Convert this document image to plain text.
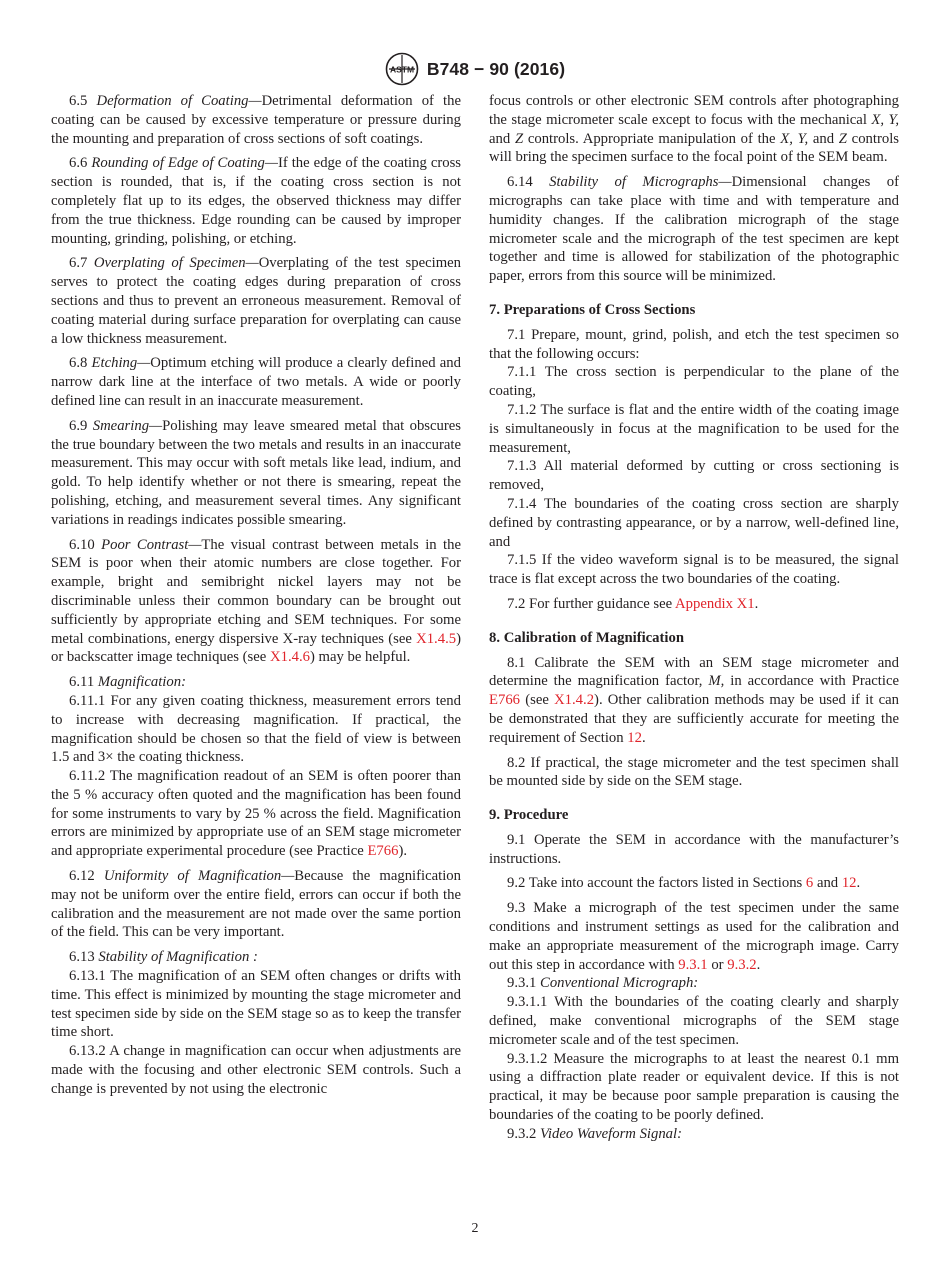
ASTM B748 − 90 (2016)

6.5 Deformation of Coating—Detrimental deformation of the coating can be caused by excessive temperature or pressure during the mounting and preparation of cross sections of soft coatings.

6.6 Rounding of Edge of Coating—If the edge of the coating cross section is rounded, that is, if the coating cross section is not completely flat up to its edges, the observed thickness may differ from the true thickness. Edge rounding can be caused by improper mounting, grinding, polishing, or etching.

6.7 Overplating of Specimen—Overplating of the test specimen serves to protect the coating edges during preparation of cross sections and thus to prevent an erroneous measurement. Removal of coating material during surface preparation for overplating can cause a low thickness measurement.

6.8 Etching—Optimum etching will produce a clearly defined and narrow dark line at the interface of two metals. A wide or poorly defined line can result in an inaccurate measurement.

6.9 Smearing—Polishing may leave smeared metal that obscures the true boundary between the two metals and results in an inaccurate measurement. This may occur with soft metals like lead, indium, and gold. To help identify whether or not there is smearing, repeat the polishing, etching, and measurement several times. Any significant variations in readings indicates possible smearing.

6.10 Poor Contrast—The visual contrast between metals in the SEM is poor when their atomic numbers are close together. For example, bright and semibright nickel layers may not be discriminable unless their common boundary can be brought out sufficiently by appropriate etching and SEM techniques. For some metal combinations, energy dispersive X-ray techniques (see X1.4.5) or backscatter image techniques (see X1.4.6) may be helpful.

6.11 Magnification:

6.11.1 For any given coating thickness, measurement errors tend to increase with decreasing magnification. If practical, the magnification should be chosen so that the field of view is between 1.5 and 3× the coating thickness.

6.11.2 The magnification readout of an SEM is often poorer than the 5 % accuracy often quoted and the magnification has been found for some instruments to vary by 25 % across the field. Magnification errors are minimized by appropriate use of an SEM stage micrometer and appropriate experimental procedure (see Practice E766).

6.12 Uniformity of Magnification—Because the magnification may not be uniform over the entire field, errors can occur if both the calibration and the measurement are not made over the same portion of the field. This can be very important.

6.13 Stability of Magnification :

6.13.1 The magnification of an SEM often changes or drifts with time. This effect is minimized by mounting the stage micrometer and test specimen side by side on the SEM stage so as to keep the transfer time short.

6.13.2 A change in magnification can occur when adjustments are made with the focusing and other electronic SEM controls. Such a change is prevented by not using the electronic

focus controls or other electronic SEM controls after photographing the stage micrometer scale except to focus with the mechanical X, Y, and Z controls. Appropriate manipulation of the X, Y, and Z controls will bring the specimen surface to the focal point of the SEM beam.

6.14 Stability of Micrographs—Dimensional changes of micrographs can take place with time and with temperature and humidity changes. If the calibration micrograph of the stage micrometer scale and the micrograph of the test specimen are kept together and time is allowed for stabilization of the photographic paper, errors from this source will be minimized.

7. Preparations of Cross Sections

7.1 Prepare, mount, grind, polish, and etch the test specimen so that the following occurs:

7.1.1 The cross section is perpendicular to the plane of the coating,

7.1.2 The surface is flat and the entire width of the coating image is simultaneously in focus at the magnification to be used for the measurement,

7.1.3 All material deformed by cutting or cross sectioning is removed,

7.1.4 The boundaries of the coating cross section are sharply defined by contrasting appearance, or by a narrow, well-defined line, and

7.1.5 If the video waveform signal is to be measured, the signal trace is flat except across the two boundaries of the coating.

7.2 For further guidance see Appendix X1.

8. Calibration of Magnification

8.1 Calibrate the SEM with an SEM stage micrometer and determine the magnification factor, M, in accordance with Practice E766 (see X1.4.2). Other calibration methods may be used if it can be demonstrated that they are sufficiently accurate for meeting the requirement of Section 12.

8.2 If practical, the stage micrometer and the test specimen shall be mounted side by side on the SEM stage.

9. Procedure

9.1 Operate the SEM in accordance with the manufacturer’s instructions.

9.2 Take into account the factors listed in Sections 6 and 12.

9.3 Make a micrograph of the test specimen under the same conditions and instrument settings as used for the calibration and make an appropriate measurement of the micrograph image. Carry out this step in accordance with 9.3.1 or 9.3.2.

9.3.1 Conventional Micrograph:

9.3.1.1 With the boundaries of the coating clearly and sharply defined, make conventional micrographs of the SEM stage micrometer scale and of the test specimen.

9.3.1.2 Measure the micrographs to at least the nearest 0.1 mm using a diffraction plate reader or equivalent device. If this is not practical, it may be because poor sample preparation is causing the boundaries of the coating to be poorly defined.

9.3.2 Video Waveform Signal:

2
